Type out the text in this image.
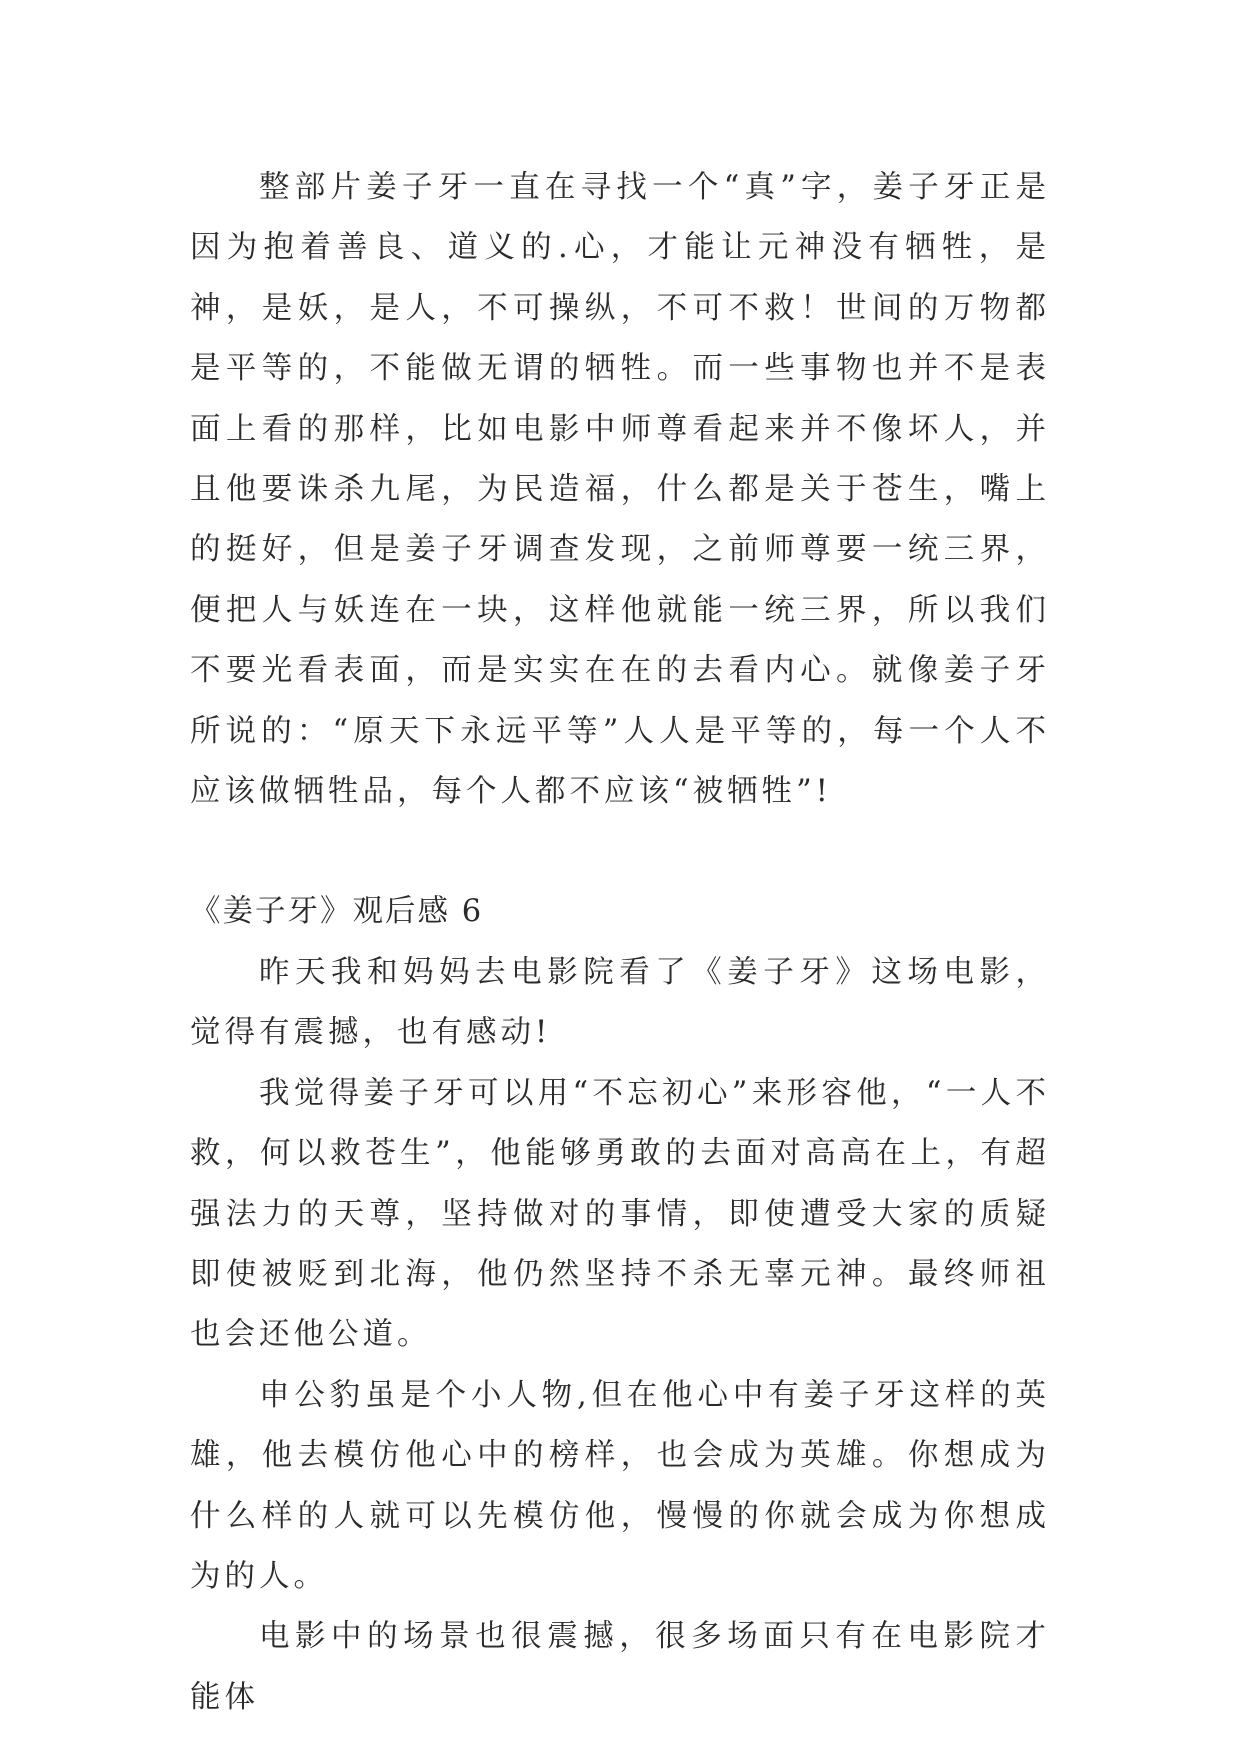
整部片姜子牙一直在寻找一个“真”字，姜子牙正是因为抱着善良、道义的.心，才能让元神没有牺牲，是神，是妖，是人，不可操纵，不可不救！世间的万物都是平等的，不能做无谓的牺牲。而一些事物也并不是表面上看的那样，比如电影中师尊看起来并不像坏人，并且他要诛杀九尾，为民造福，什么都是关于苍生，嘴上的挺好，但是姜子牙调查发现，之前师尊要一统三界，便把人与妖连在一块，这样他就能一统三界，所以我们不要光看表面，而是实实在在的去看内心。就像姜子牙所说的：“原天下永远平等”人人是平等的，每一个人不应该做牺牲品，每个人都不应该“被牺牲”!

《姜子牙》观后感 6

昨天我和妈妈去电影院看了《姜子牙》这场电影，觉得有震撼，也有感动!

我觉得姜子牙可以用“不忘初心”来形容他，“一人不救，何以救苍生”，他能够勇敢的去面对高高在上，有超强法力的天尊，坚持做对的事情，即使遭受大家的质疑即使被贬到北海，他仍然坚持不杀无辜元神。最终师祖也会还他公道。

申公豹虽是个小人物,但在他心中有姜子牙这样的英雄，他去模仿他心中的榜样，也会成为英雄。你想成为什么样的人就可以先模仿他，慢慢的你就会成为你想成为的人。

电影中的场景也很震撼，很多场面只有在电影院才能体
